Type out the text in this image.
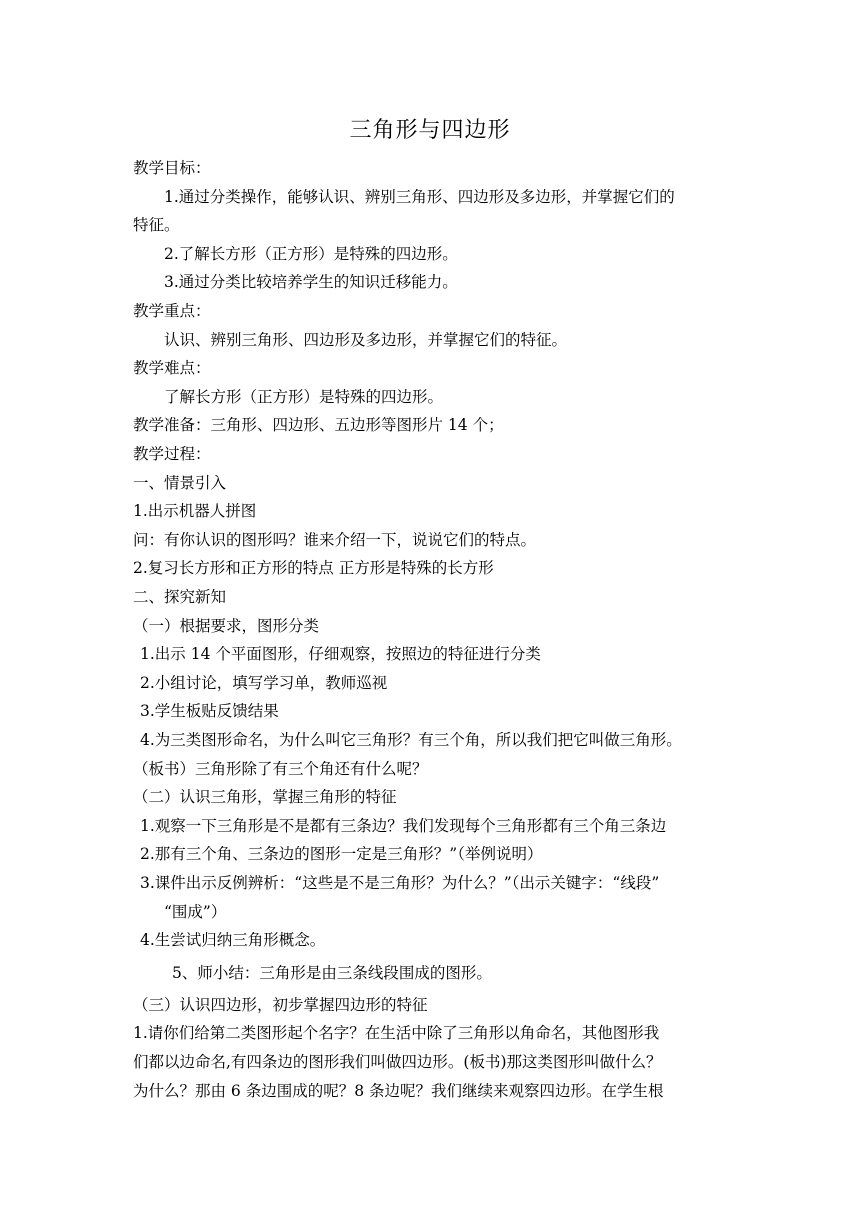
三角形与四边形
教学目标：
1.通过分类操作，能够认识、辨别三角形、四边形及多边形，并掌握它们的
特征。
2.了解长方形（正方形）是特殊的四边形。
3.通过分类比较培养学生的知识迁移能力。
教学重点：
认识、辨别三角形、四边形及多边形，并掌握它们的特征。
教学难点：
了解长方形（正方形）是特殊的四边形。
教学准备：三角形、四边形、五边形等图形片 14 个；
教学过程：
一、情景引入
1.出示机器人拼图
问：有你认识的图形吗？谁来介绍一下，说说它们的特点。
2.复习长方形和正方形的特点 正方形是特殊的长方形
二、探究新知
（一）根据要求，图形分类
1.出示 14 个平面图形，仔细观察，按照边的特征进行分类
2.小组讨论，填写学习单，教师巡视
3.学生板贴反馈结果
4.为三类图形命名，为什么叫它三角形？有三个角，所以我们把它叫做三角形。
（板书）三角形除了有三个角还有什么呢？
（二）认识三角形，掌握三角形的特征
1.观察一下三角形是不是都有三条边？我们发现每个三角形都有三个角三条边
2.那有三个角、三条边的图形一定是三角形？”（举例说明）
3.课件出示反例辨析：“这些是不是三角形？为什么？”（出示关键字：“线段”
“围成”）
4.生尝试归纳三角形概念。
5、师小结：三角形是由三条线段围成的图形。
（三）认识四边形，初步掌握四边形的特征
1.请你们给第二类图形起个名字？在生活中除了三角形以角命名，其他图形我
们都以边命名,有四条边的图形我们叫做四边形。(板书)那这类图形叫做什么？
为什么？那由 6 条边围成的呢？8 条边呢？我们继续来观察四边形。在学生根
